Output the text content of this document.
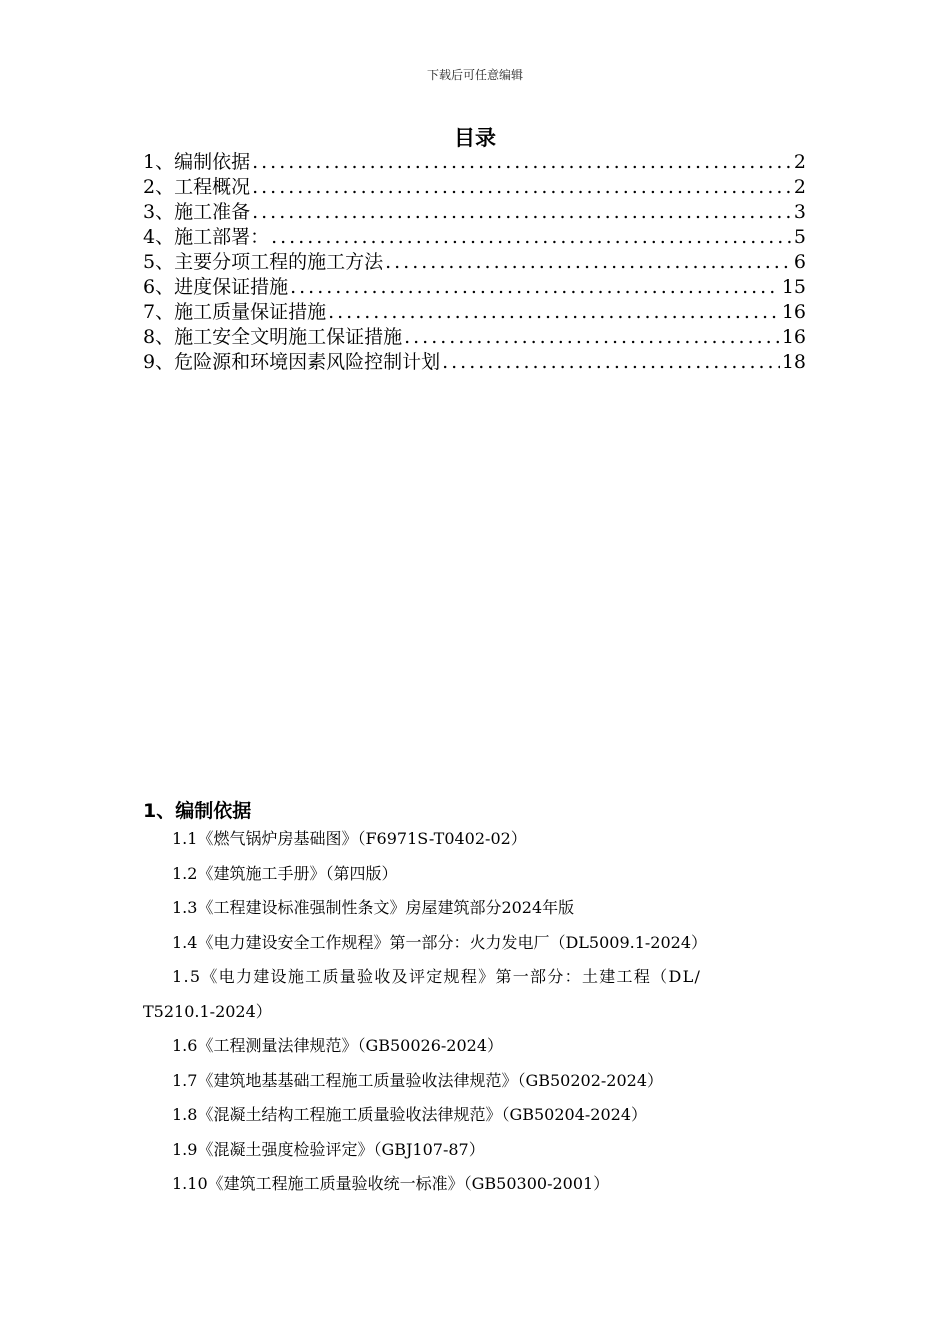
下载后可任意编辑
目录
1、编制依据 .....	2
2、工程概况 .....	2
3、施工准备 .....	3
4、施工部署： .....	5
5、主要分项工程的施工方法 .....	6
6、进度保证措施 .....	15
7、施工质量保证措施 .....	16
8、施工安全文明施工保证措施 .....	16
9、危险源和环境因素风险控制计划 .....	18
1、编制依据
1.1《燃气锅炉房基础图》（F6971S-T0402-02）
1.2《建筑施工手册》（第四版）
1.3《工程建设标准强制性条文》房屋建筑部分2024年版
1.4《电力建设安全工作规程》第一部分：火力发电厂（DL5009.1-2024）
1.5《电力建设施工质量验收及评定规程》第一部分：土建工程（DL/
T5210.1-2024）
1.6《工程测量法律规范》（GB50026-2024）
1.7《建筑地基基础工程施工质量验收法律规范》（GB50202-2024）
1.8《混凝土结构工程施工质量验收法律规范》（GB50204-2024）
1.9《混凝土强度检验评定》（GBJ107-87）
1.10《建筑工程施工质量验收统一标准》（GB50300-2001）
